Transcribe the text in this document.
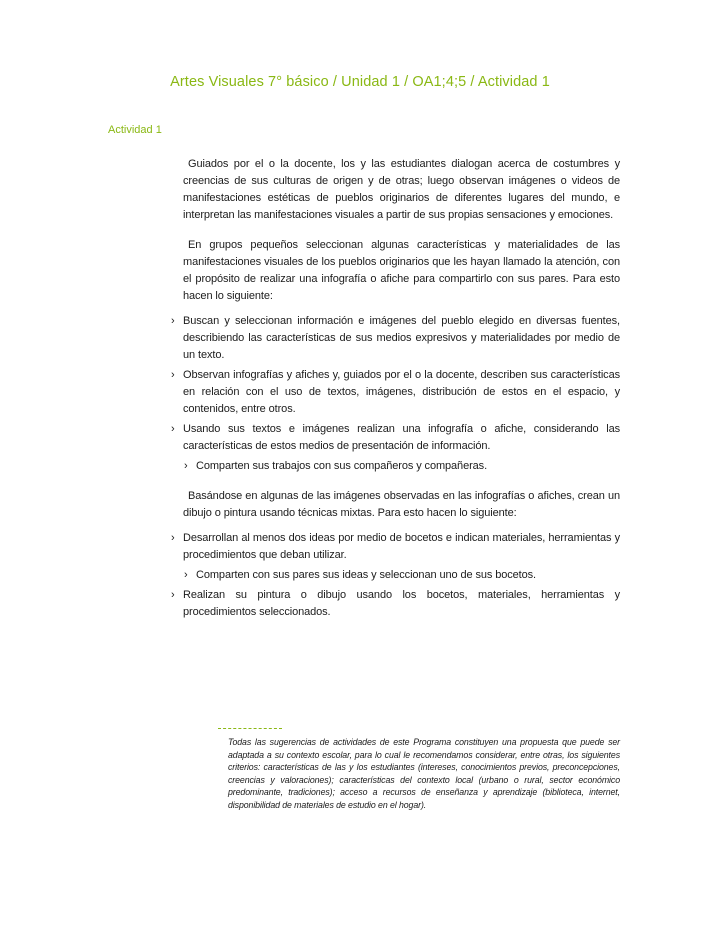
Artes Visuales 7° básico / Unidad 1 / OA1;4;5 / Actividad 1
Actividad 1

Guiados por el o la docente, los y las estudiantes dialogan acerca de costumbres y creencias de sus culturas de origen y de otras; luego observan imágenes o videos de manifestaciones estéticas de pueblos originarios de diferentes lugares del mundo, e interpretan las manifestaciones visuales a partir de sus propias sensaciones y emociones.

En grupos pequeños seleccionan algunas características y materialidades de las manifestaciones visuales de los pueblos originarios que les hayan llamado la atención, con el propósito de realizar una infografía o afiche para compartirlo con sus pares. Para esto hacen lo siguiente:

› Buscan y seleccionan información e imágenes del pueblo elegido en diversas fuentes, describiendo las características de sus medios expresivos y materialidades por medio de un texto.
› Observan infografías y afiches y, guiados por el o la docente, describen sus características en relación con el uso de textos, imágenes, distribución de estos en el espacio, y contenidos, entre otros.
› Usando sus textos e imágenes realizan una infografía o afiche, considerando las características de estos medios de presentación de información.
› Comparten sus trabajos con sus compañeros y compañeras.

Basándose en algunas de las imágenes observadas en las infografías o afiches, crean un dibujo o pintura usando técnicas mixtas. Para esto hacen lo siguiente:

› Desarrollan al menos dos ideas por medio de bocetos e indican materiales, herramientas y procedimientos que deban utilizar.
› Comparten con sus pares sus ideas y seleccionan uno de sus bocetos.
› Realizan su pintura o dibujo usando los bocetos, materiales, herramientas y procedimientos seleccionados.
Todas las sugerencias de actividades de este Programa constituyen una propuesta que puede ser adaptada a su contexto escolar, para lo cual le recomendamos considerar, entre otras, los siguientes criterios: características de las y los estudiantes (intereses, conocimientos previos, preconcepciones, creencias y valoraciones); características del contexto local (urbano o rural, sector económico predominante, tradiciones); acceso a recursos de enseñanza y aprendizaje (biblioteca, internet, disponibilidad de materiales de estudio en el hogar).
